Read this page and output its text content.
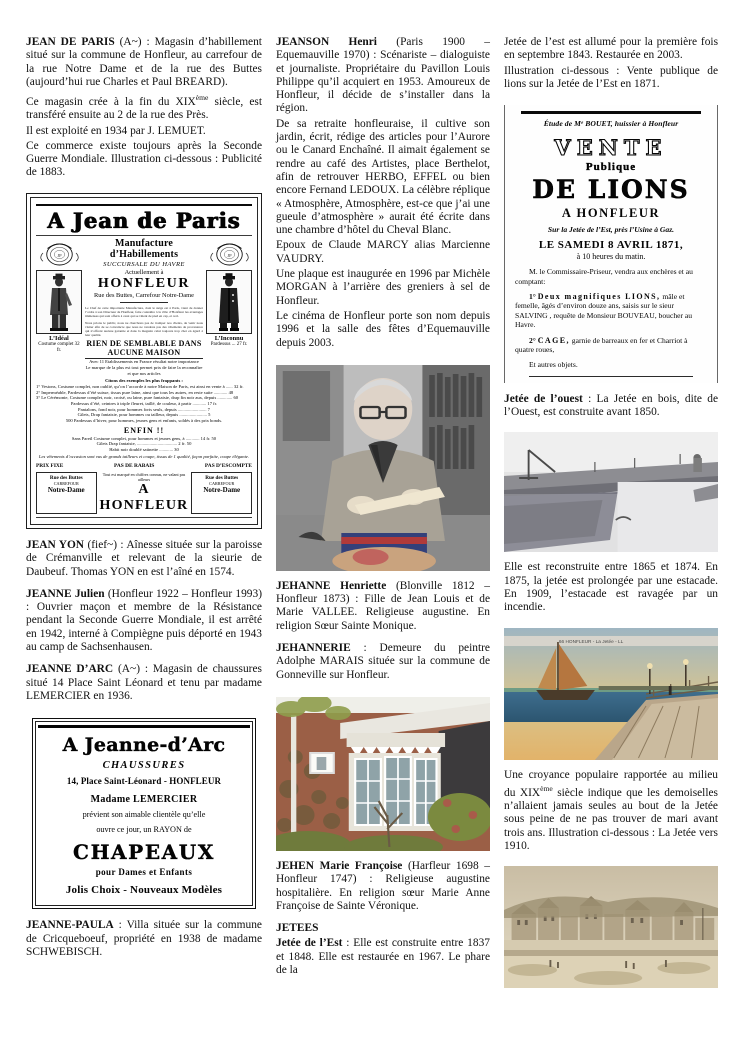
JEAN DE PARIS (A~) : Magasin d’habillement situé sur la commune de Honfleur, au carrefour de la rue Notre Dame et de la rue des Buttes (aujourd’hui rue Charles et Paul BREARD).

Ce magasin crée à la fin du XIXème siècle, est transféré ensuite au 2 de la rue des Près.

Il est exploité en 1934 par J. LEMUET.

Ce commerce existe toujours après la Seconde Guerre Mondiale. Illustration ci-dessous : Publicité de 1883.

A Jean de Paris
JP
L’Idéal
Costume complet 32 fr.
Manufacture d’Habillements
SUCCURSALE DU HAVRE
Actuellement à
HONFLEUR
Rue des Buttes, Carrefour Notre-Dame
Le Chef de cette importante Manufacture, dont le siège est à Paris, vient de donner l’ordre à son Directeur de Honfleur, faire connaître à la ville d’Honfleur les avantages immenses qui sont offerts à ceux qui se vêtent de pied en cap, et ceci.
Nous prions le public, nous ne cherchons pas de tromper nos clients, de venir nous visiter afin de se convaincre que nous ne vendons pas des vêtements de provenance qui n’offrent aucune garantie et dans la magasin celui toujours trop cher en égard à leur qualité.
RIEN DE SEMBLABLE DANS AUCUNE MAISON
Avec 11 Etablissements en France résultat notre importance
Le marque de la plus est tout permet prix de faire la reconnaître et que nos articles
JP
L’Inconnu
Pardessus ... 27 fr.
Citons des exemples les plus frappants :
1° Vestons, Costume complet, non oublié, qu’on l’accorde à notre Maison de Paris, est ainsi en vente à ...... 32 fr.
2° Imperméable, Pardessus d’été suisse, tissus pure laine, ainsi que tous les autres, en reste suite ............ 48
3° Le Cérémonie, Costume complet, noir, croisé, ou laine, pure fantaisie, drap fin noir aux, depuis ............. 60
Pardessus d’été, ceintres à triple fleuret, taillé, de couleur, à partir ............ 17 fr.
Pantalons, fond noir, pour hommes forts seuls, depuis ......................... 7
Gilets, Drap fantaisie, pour hommes ou tailleur, depuis ........................ 5
500 Pardessus d’hiver, pour hommes, jeunes gens et enfants, soldés à des prix bonds.
ENFIN !!
Sans Pareil Costume complet, pour hommes et jeunes gens, à ............ 14 fr. 50
Gilets Drap fantaisie, ................................... 2 fr. 50
Habit noir doublé satinette ............ 30
Les vêtements d’occasion sont vus de grands tailleurs et coupe, tissus de 1 qualité, façon parfaite, coupe élégante.
PRIX FIXE	PAS DE RABAIS	PAS D’ESCOMPTE
Rue des Buttes
CARREFOUR
Notre-Dame
Tout est marqué en chiffres connus, ne valant pas ailleurs
A HONFLEUR
Rue des Buttes
CARREFOUR
Notre-Dame

JEAN YON (fief~) : Aînesse située sur la paroisse de Crémanville et relevant de la sieurie de Daubeuf. Thomas YON en est l’aîné en 1574.

JEANNE Julien (Honfleur 1922 – Honfleur 1993) : Ouvrier maçon et membre de la Résistance pendant la Seconde Guerre Mondiale, il est arrêté en 1942, interné à Compiègne puis déporté en 1943 au camp de Sachsenhausen.

JEANNE D’ARC (A~) : Magasin de chaussures situé 14 Place Saint Léonard et tenu par madame LEMERCIER en 1936.

A Jeanne-d’Arc
CHAUSSURES
14, Place Saint-Léonard - HONFLEUR
Madame LEMERCIER
prévient son aimable clientèle qu’elle
ouvre ce jour, un RAYON de
CHAPEAUX
pour Dames et Enfants
Jolis Choix - Nouveaux Modèles

JEANNE-PAULA : Villa située sur la commune de Cricqueboeuf, propriété en 1938 de madame SCHWEBISCH.

JEANSON Henri (Paris 1900 – Equemauville 1970) : Scénariste – dialoguiste et journaliste. Propriétaire du Pavillon Louis Philippe qu’il acquiert en 1953. Amoureux de Honfleur, il décide de s’installer dans la région.

De sa retraite honfleuraise, il cultive son jardin, écrit, rédige des articles pour l’Aurore ou le Canard Enchaîné. Il aimait également se rendre au café des Artistes, place Berthelot, afin de retrouver HERBO, EFFEL ou bien encore Fernand LEDOUX. La célèbre réplique « Atmosphère, Atmosphère, est-ce que j’ai une gueule d’atmosphère » aurait été écrite dans une chambre d’hôtel du Cheval Blanc.

Epoux de Claude MARCY alias Marcienne VAUDRY.

Une plaque est inaugurée en 1996 par Michèle MORGAN à l’arrière des greniers à sel de Honfleur.

Le cinéma de Honfleur porte son nom depuis 1996 et la salle des fêtes d’Equemauville depuis 2003.

JEHANNE Henriette (Blonville 1812 – Honfleur 1873) : Fille de Jean Louis et de Marie VALLEE. Religieuse augustine. En religion Sœur Sainte Monique.

JEHANNERIE : Demeure du peintre Adolphe MARAIS située sur la commune de Gonneville sur Honfleur.

JEHEN Marie Françoise (Harfleur 1698 – Honfleur 1747) : Religieuse augustine hospitalière. En religion sœur Marie Anne Françoise de Sainte Véronique.

JETEES

Jetée de l’Est : Elle est construite entre 1837 et 1848. Elle est restaurée en 1967. Le phare de la

Jetée de l’est est allumé pour la première fois en septembre 1843. Restaurée en 2003.

Illustration ci-dessous : Vente publique de lions sur la Jetée de l’Est en 1871.

Étude de Mᵉ BOUET, huissier à Honfleur
VENTE
Publique
DE LIONS
A HONFLEUR
Sur la Jetée de l’Est, près l’Usine à Gaz.
LE SAMEDI 8 AVRIL 1871,
à 10 heures du matin.
M. le Commissaire-Priseur, vendra aux enchères et au comptant:
1° Deux magnifiques LIONS, mâle et femelle, âgés d’environ douze ans, saisis sur le sieur SALVING , requête de Monsieur BOUVEAU, boucher au Havre.
2° CAGE, garnie de barreaux en fer et Charriot à quatre roues,
Et autres objets.

Jetée de l’ouest : La Jetée en bois, dite de l’Ouest, est construite avant 1850.

Elle est reconstruite entre 1865 et 1874. En 1875, la jetée est prolongée par une estacade. En 1909, l’estacade est ravagée par un incendie.

66 HONFLEUR - La Jetée - LL

Une croyance populaire rapportée au milieu du XIXème siècle indique que les demoiselles n’allaient jamais seules au bout de la Jetée sous peine de ne pas trouver de mari avant trois ans. Illustration ci-dessous : La Jetée vers 1910.
